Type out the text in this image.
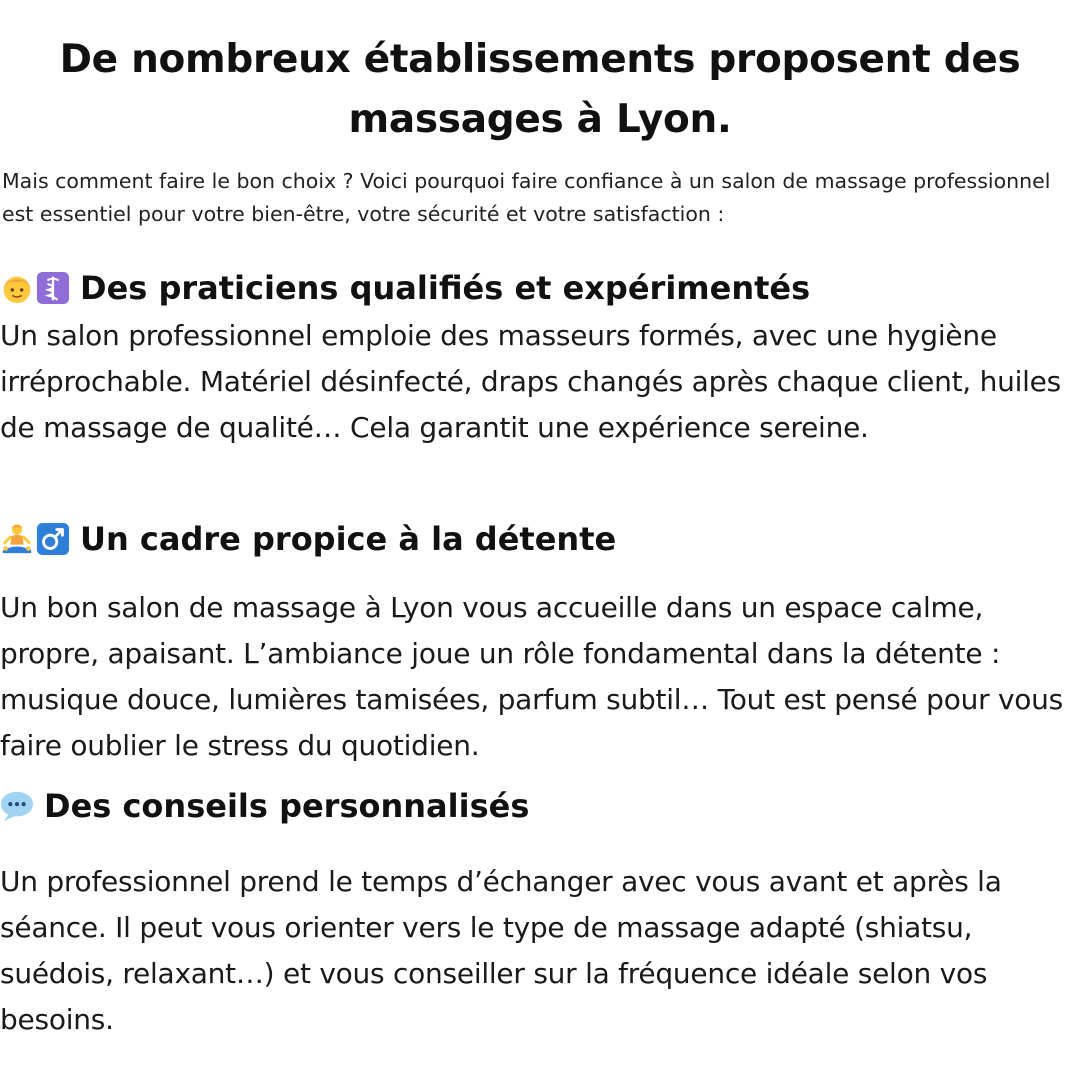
De nombreux établissements proposent des massages à Lyon.

Mais comment faire le bon choix ? Voici pourquoi faire confiance à un salon de massage professionnel est essentiel pour votre bien-être, votre sécurité et votre satisfaction :

Des praticiens qualifiés et expérimentés

Un salon professionnel emploie des masseurs formés, avec une hygiène irréprochable. Matériel désinfecté, draps changés après chaque client, huiles de massage de qualité… Cela garantit une expérience sereine.

Un cadre propice à la détente

Un bon salon de massage à Lyon vous accueille dans un espace calme, propre, apaisant. L’ambiance joue un rôle fondamental dans la détente : musique douce, lumières tamisées, parfum subtil… Tout est pensé pour vous faire oublier le stress du quotidien.

Des conseils personnalisés

Un professionnel prend le temps d’échanger avec vous avant et après la séance. Il peut vous orienter vers le type de massage adapté (shiatsu, suédois, relaxant…) et vous conseiller sur la fréquence idéale selon vos besoins.
